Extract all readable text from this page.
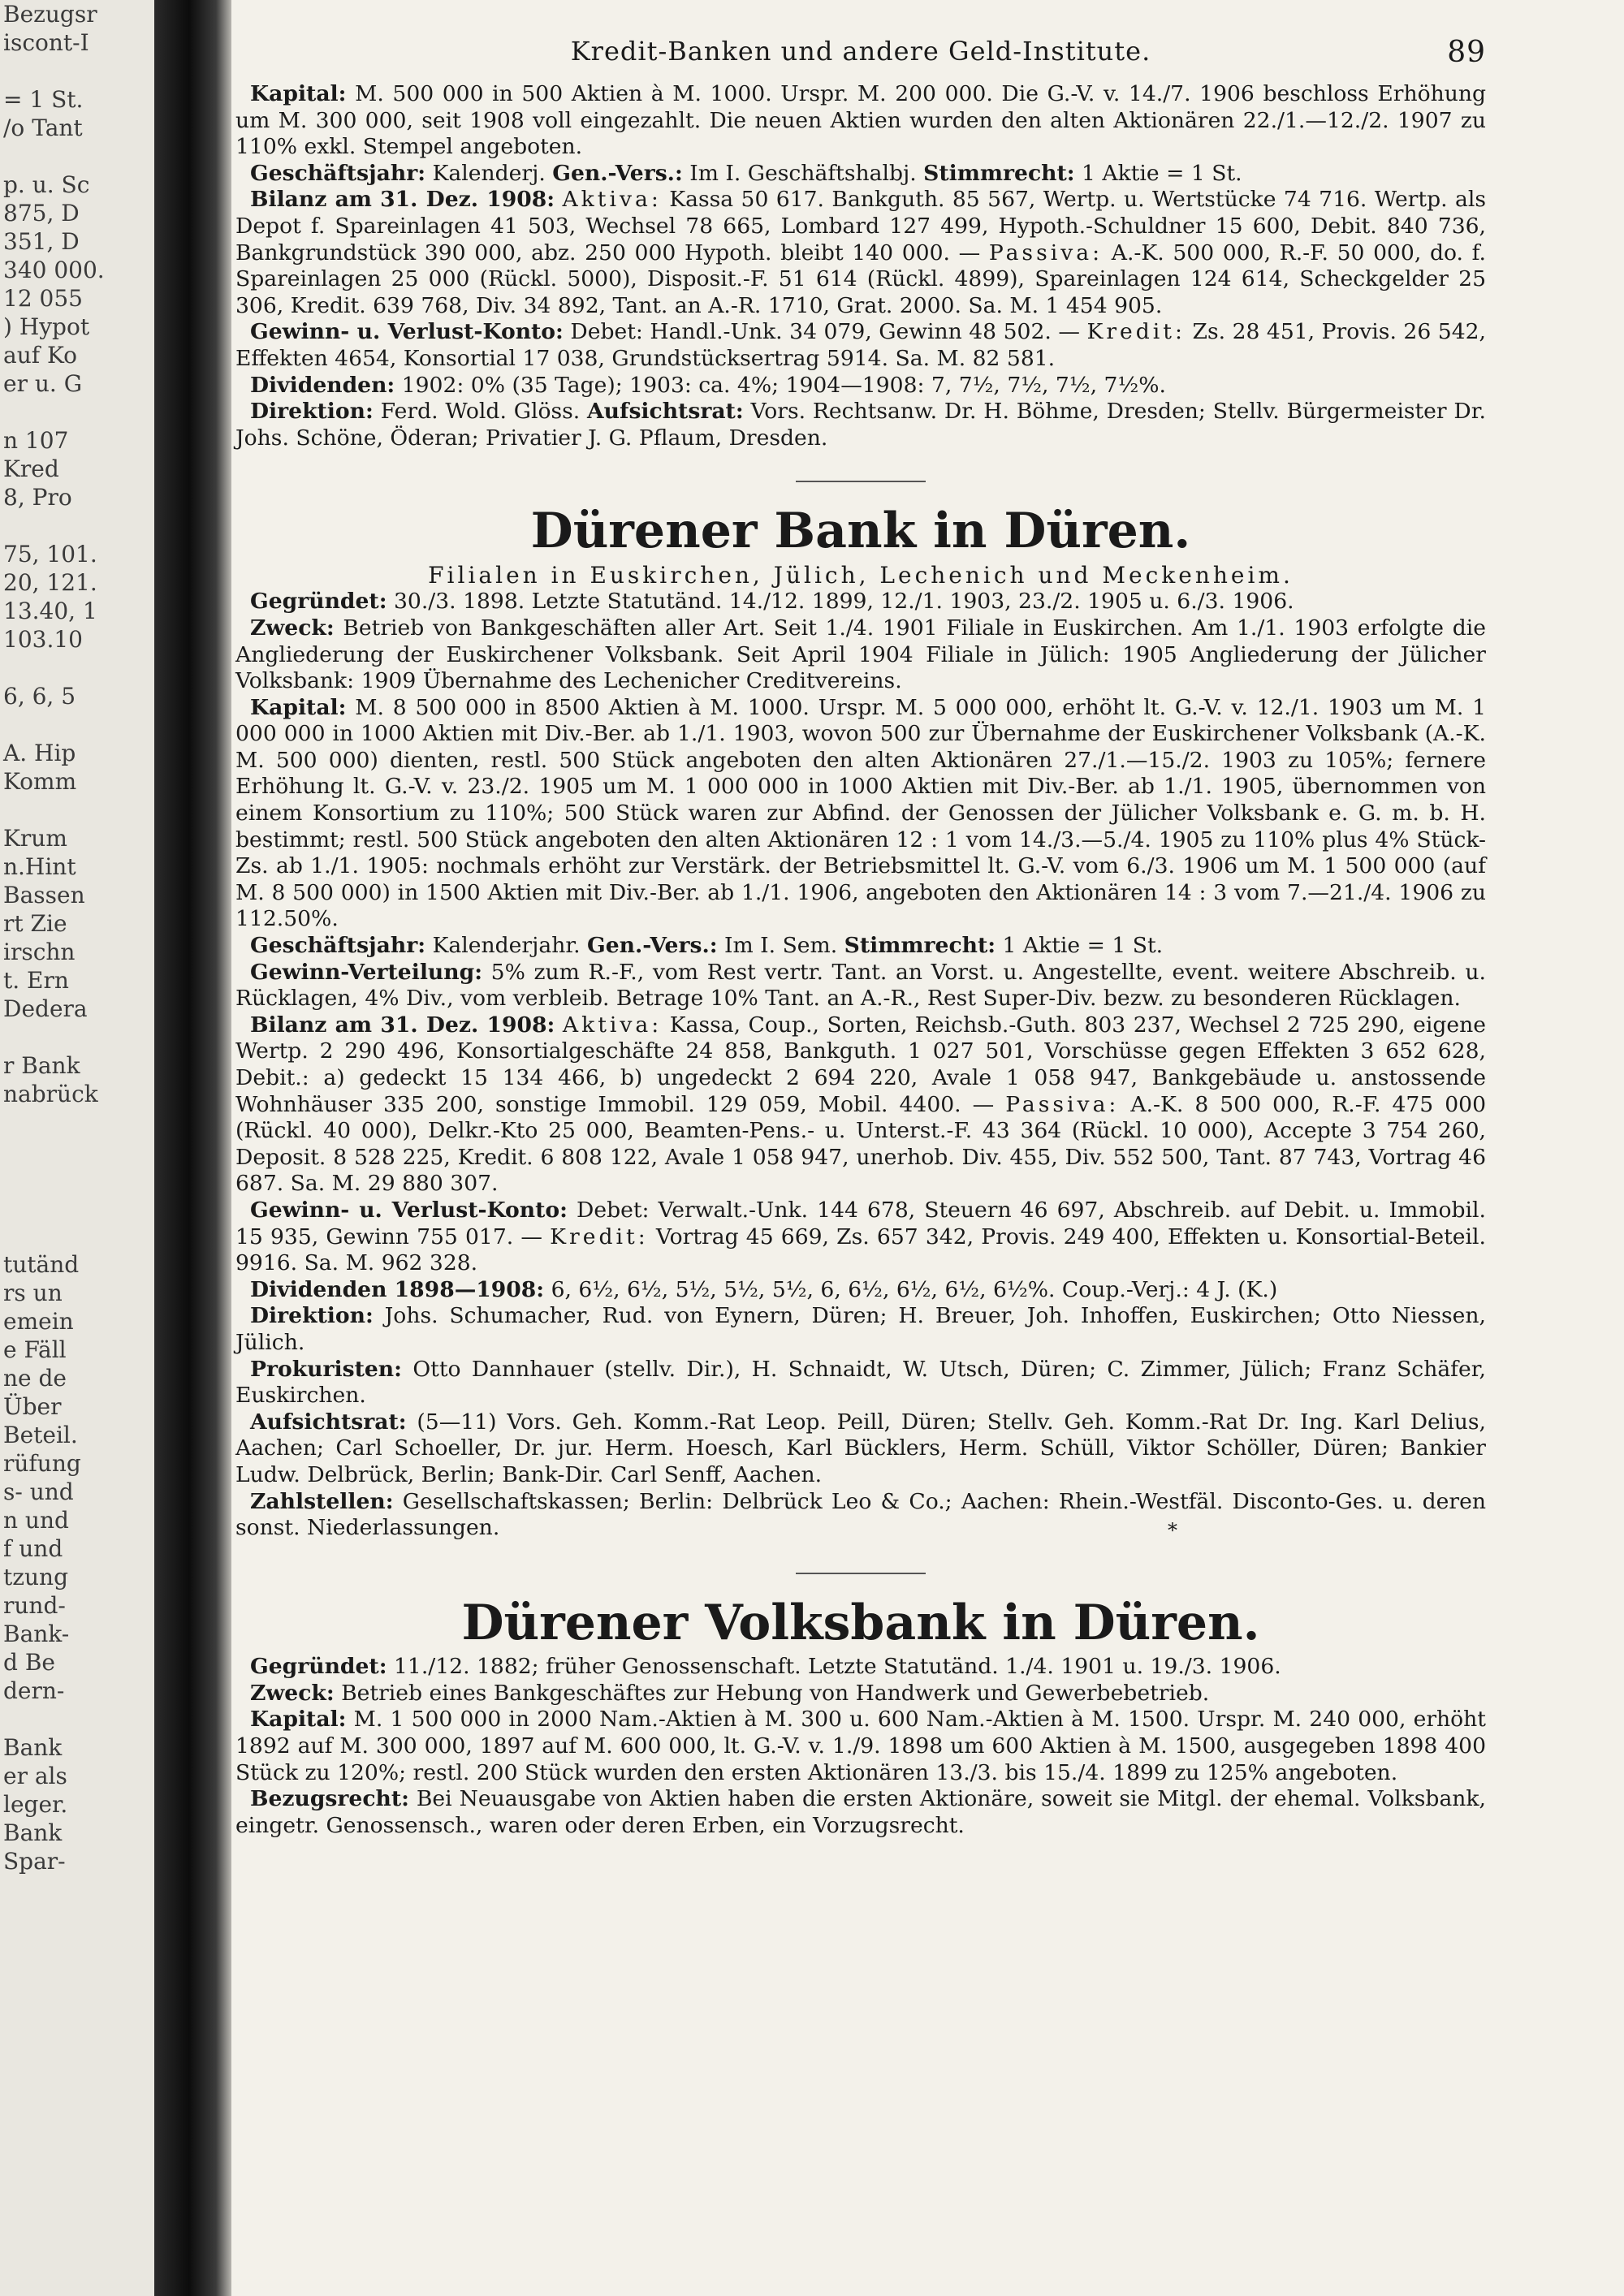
Bezugsr
iscont-I

= 1 St.
/o Tant

p. u. Sc
875, D
351, D
340 000.
12 055
) Hypot
auf Ko
er u. G

n 107
Kred
8, Pro

75, 101.
20, 121.
13.40, 1
103.10

6, 6, 5

A. Hip
Komm

Krum
n.Hint
Bassen
rt Zie
irschn
t. Ern
Dedera

r Bank
nabrück

tutänd
rs un
emein
e Fäll
ne de
Über
Beteil.
rüfung
s- und
n und
f und
tzung
rund-
Bank-
d Be
dern-

Bank
er als
leger.
Bank
Spar-
Kredit-Banken und andere Geld-Institute.	89

Kapital: M. 500 000 in 500 Aktien à M. 1000. Urspr. M. 200 000. Die G.-V. v. 14./7. 1906 beschloss Erhöhung um M. 300 000, seit 1908 voll eingezahlt. Die neuen Aktien wurden den alten Aktionären 22./1.—12./2. 1907 zu 110% exkl. Stempel angeboten.

Geschäftsjahr: Kalenderj. Gen.-Vers.: Im I. Geschäftshalbj. Stimmrecht: 1 Aktie = 1 St.

Bilanz am 31. Dez. 1908: Aktiva: Kassa 50 617. Bankguth. 85 567, Wertp. u. Wertstücke 74 716. Wertp. als Depot f. Spareinlagen 41 503, Wechsel 78 665, Lombard 127 499, Hypoth.-Schuldner 15 600, Debit. 840 736, Bankgrundstück 390 000, abz. 250 000 Hypoth. bleibt 140 000. — Passiva: A.-K. 500 000, R.-F. 50 000, do. f. Spareinlagen 25 000 (Rückl. 5000), Disposit.-F. 51 614 (Rückl. 4899), Spareinlagen 124 614, Scheckgelder 25 306, Kredit. 639 768, Div. 34 892, Tant. an A.-R. 1710, Grat. 2000. Sa. M. 1 454 905.

Gewinn- u. Verlust-Konto: Debet: Handl.-Unk. 34 079, Gewinn 48 502. — Kredit: Zs. 28 451, Provis. 26 542, Effekten 4654, Konsortial 17 038, Grundstücksertrag 5914. Sa. M. 82 581.

Dividenden: 1902: 0% (35 Tage); 1903: ca. 4%; 1904—1908: 7, 7½, 7½, 7½, 7½%.

Direktion: Ferd. Wold. Glöss. Aufsichtsrat: Vors. Rechtsanw. Dr. H. Böhme, Dresden; Stellv. Bürgermeister Dr. Johs. Schöne, Öderan; Privatier J. G. Pflaum, Dresden.

Dürener Bank in Düren.

Filialen in Euskirchen, Jülich, Lechenich und Meckenheim.

Gegründet: 30./3. 1898. Letzte Statutänd. 14./12. 1899, 12./1. 1903, 23./2. 1905 u. 6./3. 1906.

Zweck: Betrieb von Bankgeschäften aller Art. Seit 1./4. 1901 Filiale in Euskirchen. Am 1./1. 1903 erfolgte die Angliederung der Euskirchener Volksbank. Seit April 1904 Filiale in Jülich: 1905 Angliederung der Jülicher Volksbank: 1909 Übernahme des Lechenicher Creditvereins.

Kapital: M. 8 500 000 in 8500 Aktien à M. 1000. Urspr. M. 5 000 000, erhöht lt. G.-V. v. 12./1. 1903 um M. 1 000 000 in 1000 Aktien mit Div.-Ber. ab 1./1. 1903, wovon 500 zur Übernahme der Euskirchener Volksbank (A.-K. M. 500 000) dienten, restl. 500 Stück angeboten den alten Aktionären 27./1.—15./2. 1903 zu 105%; fernere Erhöhung lt. G.-V. v. 23./2. 1905 um M. 1 000 000 in 1000 Aktien mit Div.-Ber. ab 1./1. 1905, übernommen von einem Konsortium zu 110%; 500 Stück waren zur Abfind. der Genossen der Jülicher Volksbank e. G. m. b. H. bestimmt; restl. 500 Stück angeboten den alten Aktionären 12 : 1 vom 14./3.—5./4. 1905 zu 110% plus 4% Stück-Zs. ab 1./1. 1905: nochmals erhöht zur Verstärk. der Betriebsmittel lt. G.-V. vom 6./3. 1906 um M. 1 500 000 (auf M. 8 500 000) in 1500 Aktien mit Div.-Ber. ab 1./1. 1906, angeboten den Aktionären 14 : 3 vom 7.—21./4. 1906 zu 112.50%.

Geschäftsjahr: Kalenderjahr. Gen.-Vers.: Im I. Sem. Stimmrecht: 1 Aktie = 1 St.

Gewinn-Verteilung: 5% zum R.-F., vom Rest vertr. Tant. an Vorst. u. Angestellte, event. weitere Abschreib. u. Rücklagen, 4% Div., vom verbleib. Betrage 10% Tant. an A.-R., Rest Super-Div. bezw. zu besonderen Rücklagen.

Bilanz am 31. Dez. 1908: Aktiva: Kassa, Coup., Sorten, Reichsb.-Guth. 803 237, Wechsel 2 725 290, eigene Wertp. 2 290 496, Konsortialgeschäfte 24 858, Bankguth. 1 027 501, Vorschüsse gegen Effekten 3 652 628, Debit.: a) gedeckt 15 134 466, b) ungedeckt 2 694 220, Avale 1 058 947, Bankgebäude u. anstossende Wohnhäuser 335 200, sonstige Immobil. 129 059, Mobil. 4400. — Passiva: A.-K. 8 500 000, R.-F. 475 000 (Rückl. 40 000), Delkr.-Kto 25 000, Beamten-Pens.- u. Unterst.-F. 43 364 (Rückl. 10 000), Accepte 3 754 260, Deposit. 8 528 225, Kredit. 6 808 122, Avale 1 058 947, unerhob. Div. 455, Div. 552 500, Tant. 87 743, Vortrag 46 687. Sa. M. 29 880 307.

Gewinn- u. Verlust-Konto: Debet: Verwalt.-Unk. 144 678, Steuern 46 697, Abschreib. auf Debit. u. Immobil. 15 935, Gewinn 755 017. — Kredit: Vortrag 45 669, Zs. 657 342, Provis. 249 400, Effekten u. Konsortial-Beteil. 9916. Sa. M. 962 328.

Dividenden 1898—1908: 6, 6½, 6½, 5½, 5½, 5½, 6, 6½, 6½, 6½, 6½%. Coup.-Verj.: 4 J. (K.)

Direktion: Johs. Schumacher, Rud. von Eynern, Düren; H. Breuer, Joh. Inhoffen, Euskirchen; Otto Niessen, Jülich.

Prokuristen: Otto Dannhauer (stellv. Dir.), H. Schnaidt, W. Utsch, Düren; C. Zimmer, Jülich; Franz Schäfer, Euskirchen.

Aufsichtsrat: (5—11) Vors. Geh. Komm.-Rat Leop. Peill, Düren; Stellv. Geh. Komm.-Rat Dr. Ing. Karl Delius, Aachen; Carl Schoeller, Dr. jur. Herm. Hoesch, Karl Bücklers, Herm. Schüll, Viktor Schöller, Düren; Bankier Ludw. Delbrück, Berlin; Bank-Dir. Carl Senff, Aachen.

Zahlstellen: Gesellschaftskassen; Berlin: Delbrück Leo & Co.; Aachen: Rhein.-Westfäl. Disconto-Ges. u. deren sonst. Niederlassungen.	*
Dürener Volksbank in Düren.

Gegründet: 11./12. 1882; früher Genossenschaft. Letzte Statutänd. 1./4. 1901 u. 19./3. 1906.

Zweck: Betrieb eines Bankgeschäftes zur Hebung von Handwerk und Gewerbebetrieb.

Kapital: M. 1 500 000 in 2000 Nam.-Aktien à M. 300 u. 600 Nam.-Aktien à M. 1500. Urspr. M. 240 000, erhöht 1892 auf M. 300 000, 1897 auf M. 600 000, lt. G.-V. v. 1./9. 1898 um 600 Aktien à M. 1500, ausgegeben 1898 400 Stück zu 120%; restl. 200 Stück wurden den ersten Aktionären 13./3. bis 15./4. 1899 zu 125% angeboten.

Bezugsrecht: Bei Neuausgabe von Aktien haben die ersten Aktionäre, soweit sie Mitgl. der ehemal. Volksbank, eingetr. Genossensch., waren oder deren Erben, ein Vorzugsrecht.
